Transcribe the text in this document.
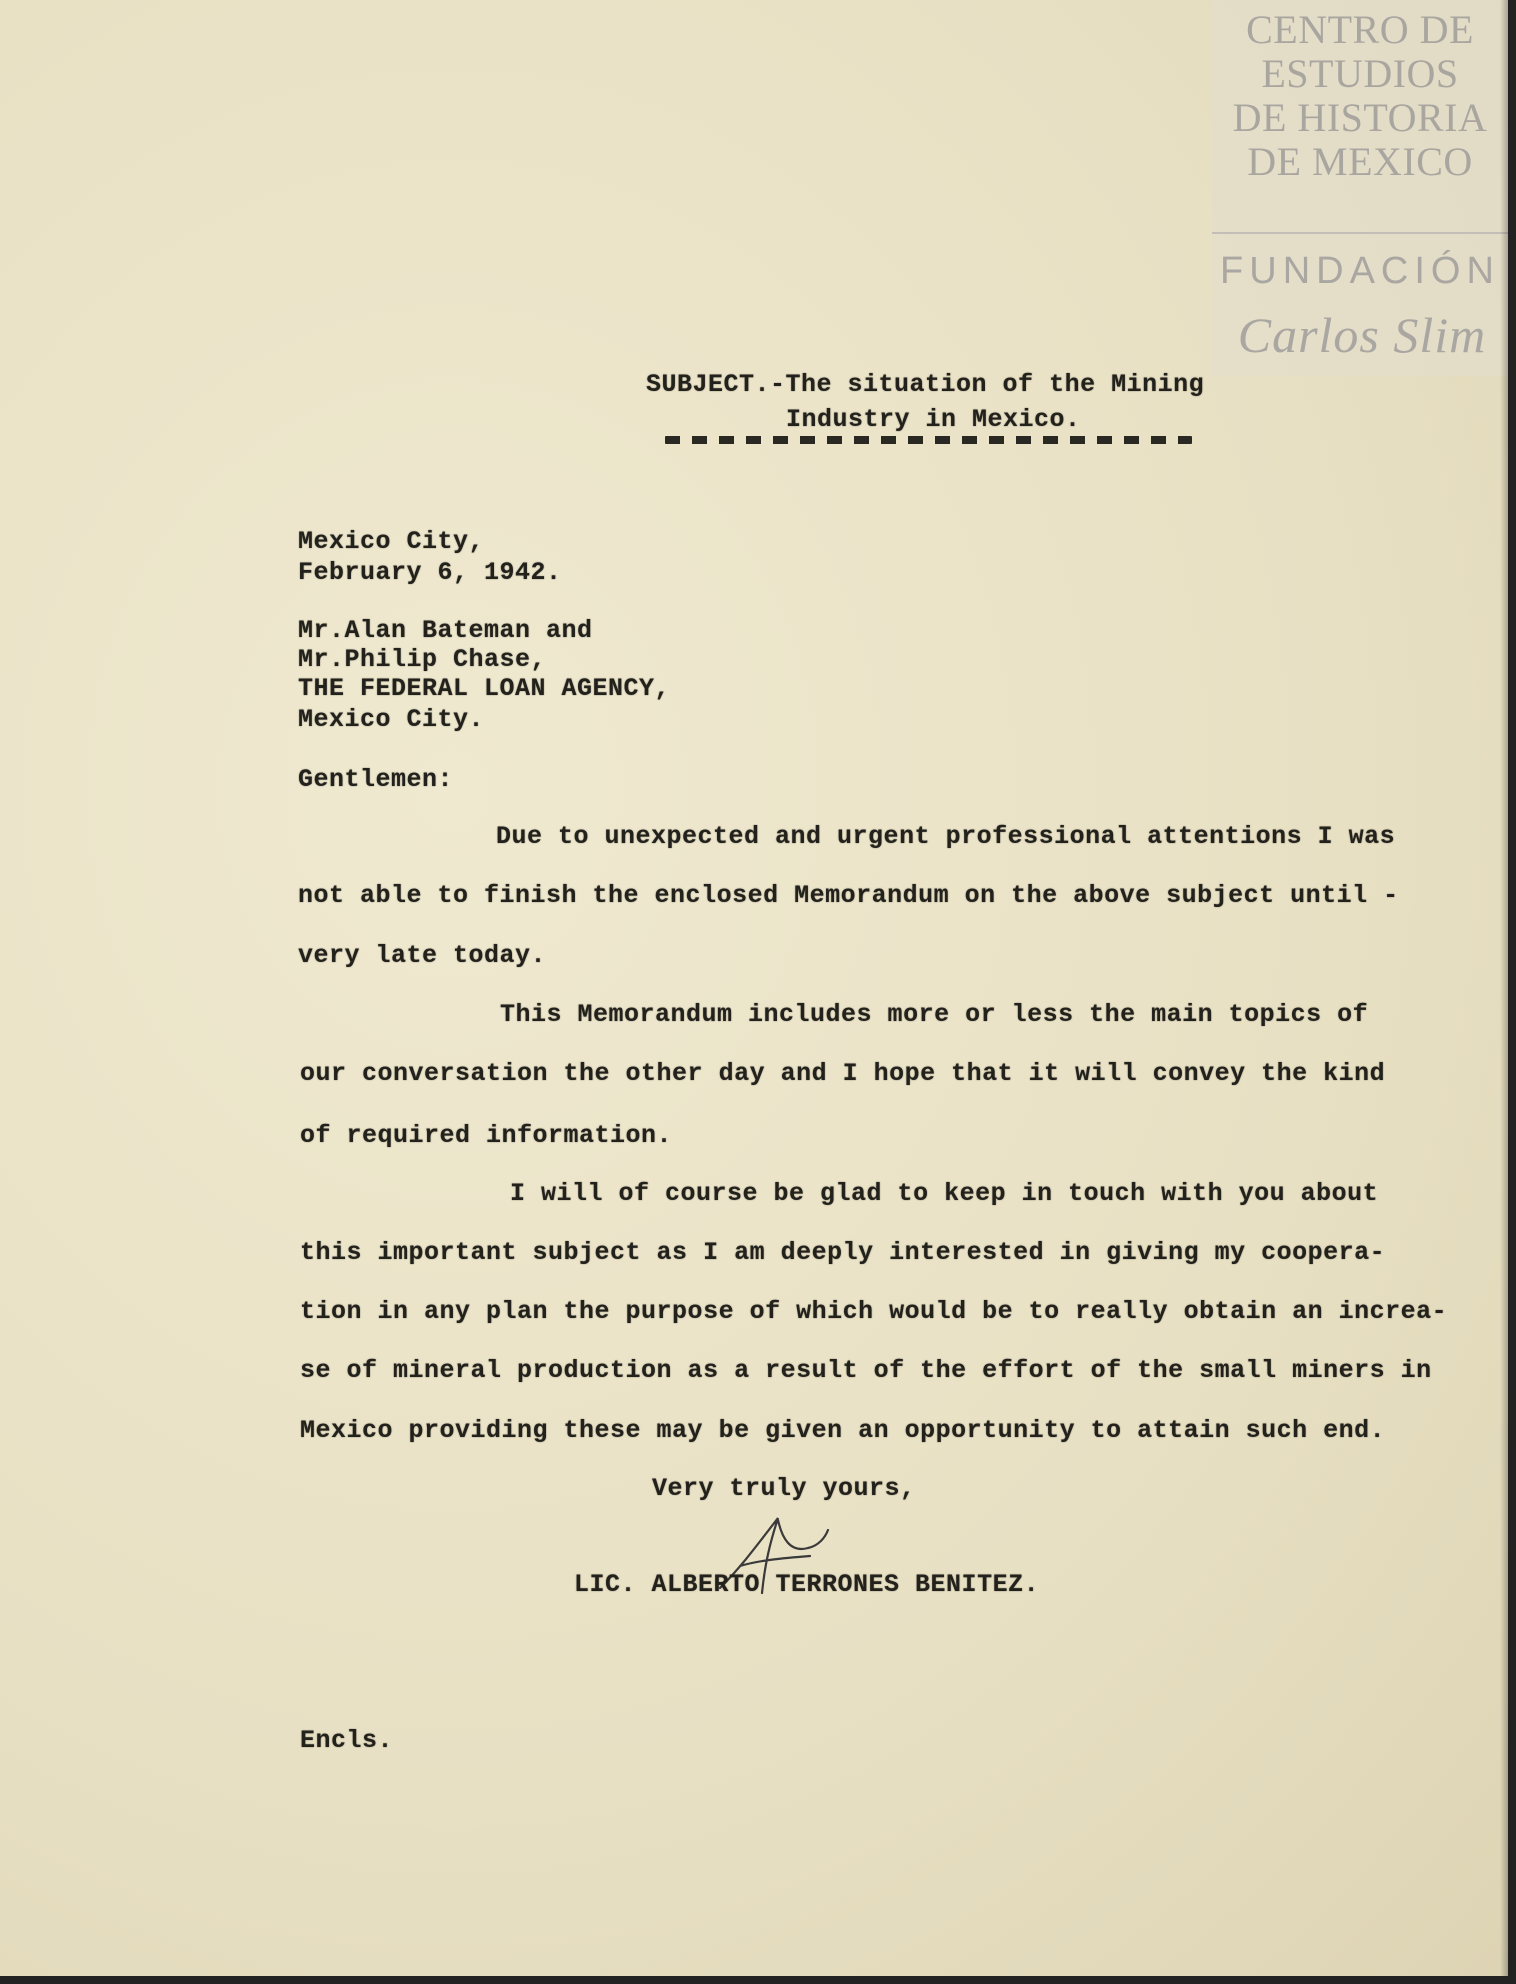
SUBJECT.-The situation of the Mining
Industry in Mexico.
Mexico City,
February 6, 1942.
Mr.Alan Bateman and
Mr.Philip Chase,
THE FEDERAL LOAN AGENCY,
Mexico City.
Gentlemen:
Due to unexpected and urgent professional attentions I was
not able to finish the enclosed Memorandum on the above subject until -
very late today.
This Memorandum includes more or less the main topics of
our conversation the other day and I hope that it will convey the kind
of required information.
I will of course be glad to keep in touch with you about
this important subject as I am deeply interested in giving my coopera-
tion in any plan the purpose of which would be to really obtain an increa-
se of mineral production as a result of the effort of the small miners in
Mexico providing these may be given an opportunity to attain such end.
Very truly yours,
LIC. ALBERTO TERRONES BENITEZ.
Encls.
CENTRO DE
ESTUDIOS
DE HISTORIA
DE MEXICO
FUNDACIÓN
Carlos Slim
